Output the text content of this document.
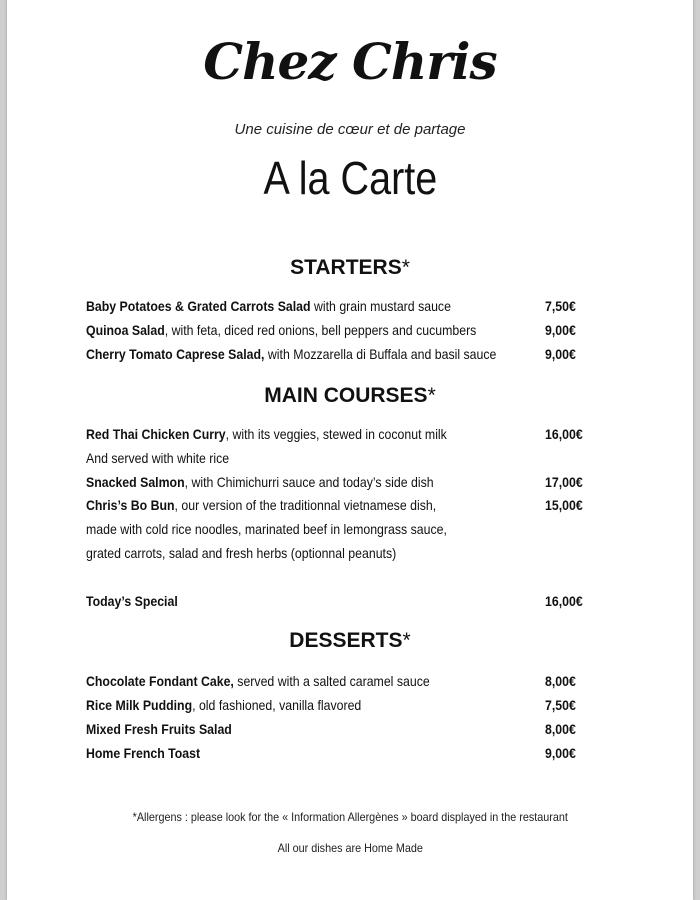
Chez Chris
Une cuisine de cœur et de partage
A la Carte
STARTERS*
Baby Potatoes & Grated Carrots Salad with grain mustard sauce	7,50€
Quinoa Salad, with feta, diced red onions, bell peppers and cucumbers	9,00€
Cherry Tomato Caprese Salad, with Mozzarella di Buffala and basil sauce	9,00€
MAIN COURSES*
Red Thai Chicken Curry, with its veggies, stewed in coconut milk	16,00€
And served with white rice
Snacked Salmon, with Chimichurri sauce and today’s side dish	17,00€
Chris’s Bo Bun, our version of the traditionnal vietnamese dish,	15,00€
made with cold rice noodles, marinated beef in lemongrass sauce,
grated carrots, salad and fresh herbs (optionnal peanuts)
Today’s Special	16,00€
DESSERTS*
Chocolate Fondant Cake, served with a salted caramel sauce	8,00€
Rice Milk Pudding, old fashioned, vanilla flavored	7,50€
Mixed Fresh Fruits Salad	8,00€
Home French Toast	9,00€
*Allergens : please look for the « Information Allergènes » board displayed in the restaurant
All our dishes are Home Made
